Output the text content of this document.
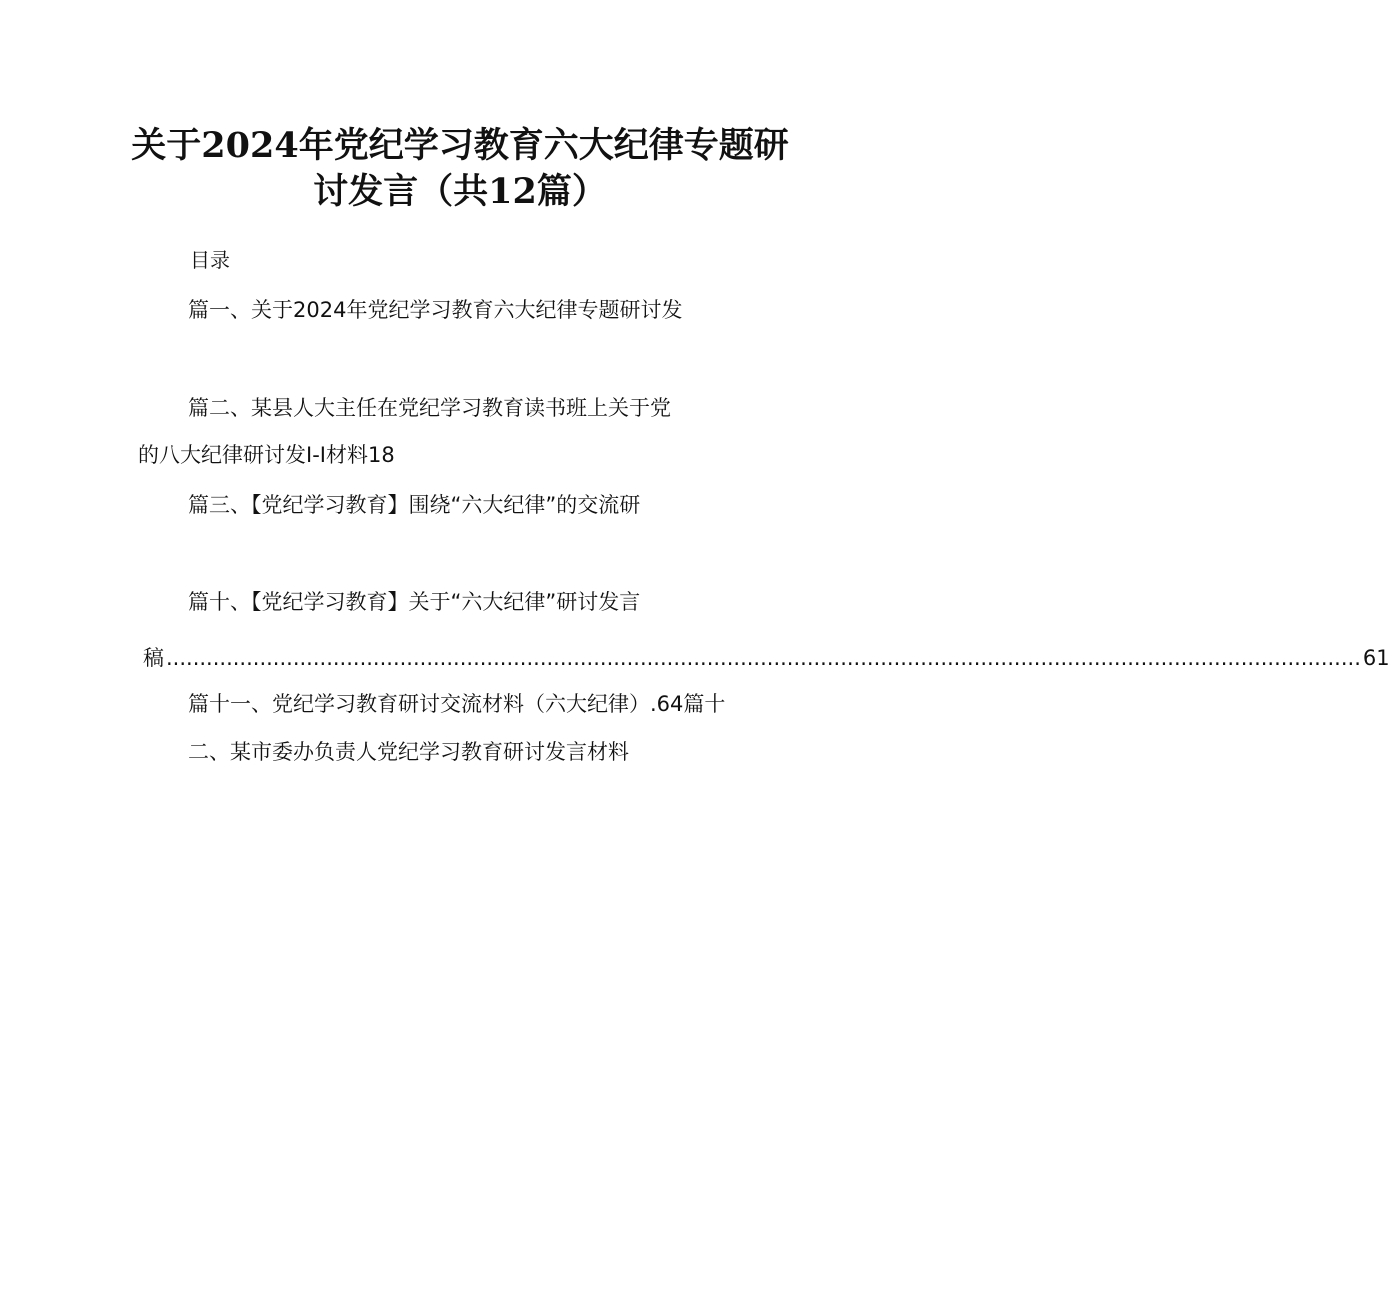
关于2024年党纪学习教育六大纪律专题研
讨发言（共12篇）
目录
篇一、关于2024年党纪学习教育六大纪律专题研讨发
篇二、某县人大主任在党纪学习教育读书班上关于党
的八大纪律研讨发I-I材料18
篇三、【党纪学习教育】围绕“六大纪律”的交流研
篇十、【党纪学习教育】关于“六大纪律”研讨发言
稿 ................................................................................................................................................................................... 61
篇十一、党纪学习教育研讨交流材料（六大纪律）.64篇十
二、某市委办负责人党纪学习教育研讨发言材料
